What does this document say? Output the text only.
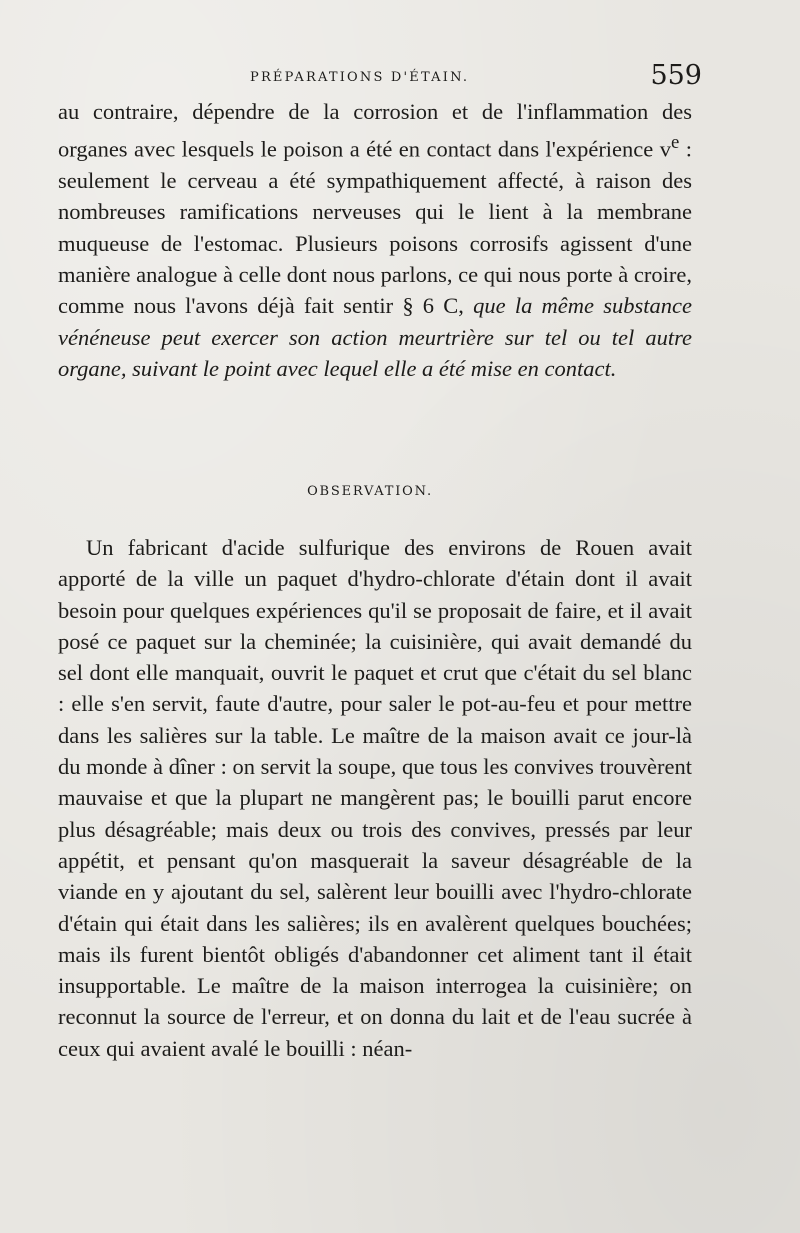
PRÉPARATIONS D'ÉTAIN.	559

au contraire, dépendre de la corrosion et de l'inflammation des organes avec lesquels le poison a été en contact dans l'expérience $v^e$ : seulement le cerveau a été sympathiquement affecté, à raison des nombreuses ramifications nerveuses qui le lient à la membrane muqueuse de l'estomac. Plusieurs poisons corrosifs agissent d'une manière analogue à celle dont nous parlons, ce qui nous porte à croire, comme nous l'avons déjà fait sentir § 6 C, que la même substance vénéneuse peut exercer son action meurtrière sur tel ou tel autre organe, suivant le point avec lequel elle a été mise en contact.

OBSERVATION.

Un fabricant d'acide sulfurique des environs de Rouen avait apporté de la ville un paquet d'hydro-chlorate d'étain dont il avait besoin pour quelques expériences qu'il se proposait de faire, et il avait posé ce paquet sur la cheminée; la cuisinière, qui avait demandé du sel dont elle manquait, ouvrit le paquet et crut que c'était du sel blanc : elle s'en servit, faute d'autre, pour saler le pot-au-feu et pour mettre dans les salières sur la table. Le maître de la maison avait ce jour-là du monde à dîner : on servit la soupe, que tous les convives trouvèrent mauvaise et que la plupart ne mangèrent pas; le bouilli parut encore plus désagréable; mais deux ou trois des convives, pressés par leur appétit, et pensant qu'on masquerait la saveur désagréable de la viande en y ajoutant du sel, salèrent leur bouilli avec l'hydro-chlorate d'étain qui était dans les salières; ils en avalèrent quelques bouchées; mais ils furent bientôt obligés d'abandonner cet aliment tant il était insupportable. Le maître de la maison interrogea la cuisinière; on reconnut la source de l'erreur, et on donna du lait et de l'eau sucrée à ceux qui avaient avalé le bouilli : néan-
